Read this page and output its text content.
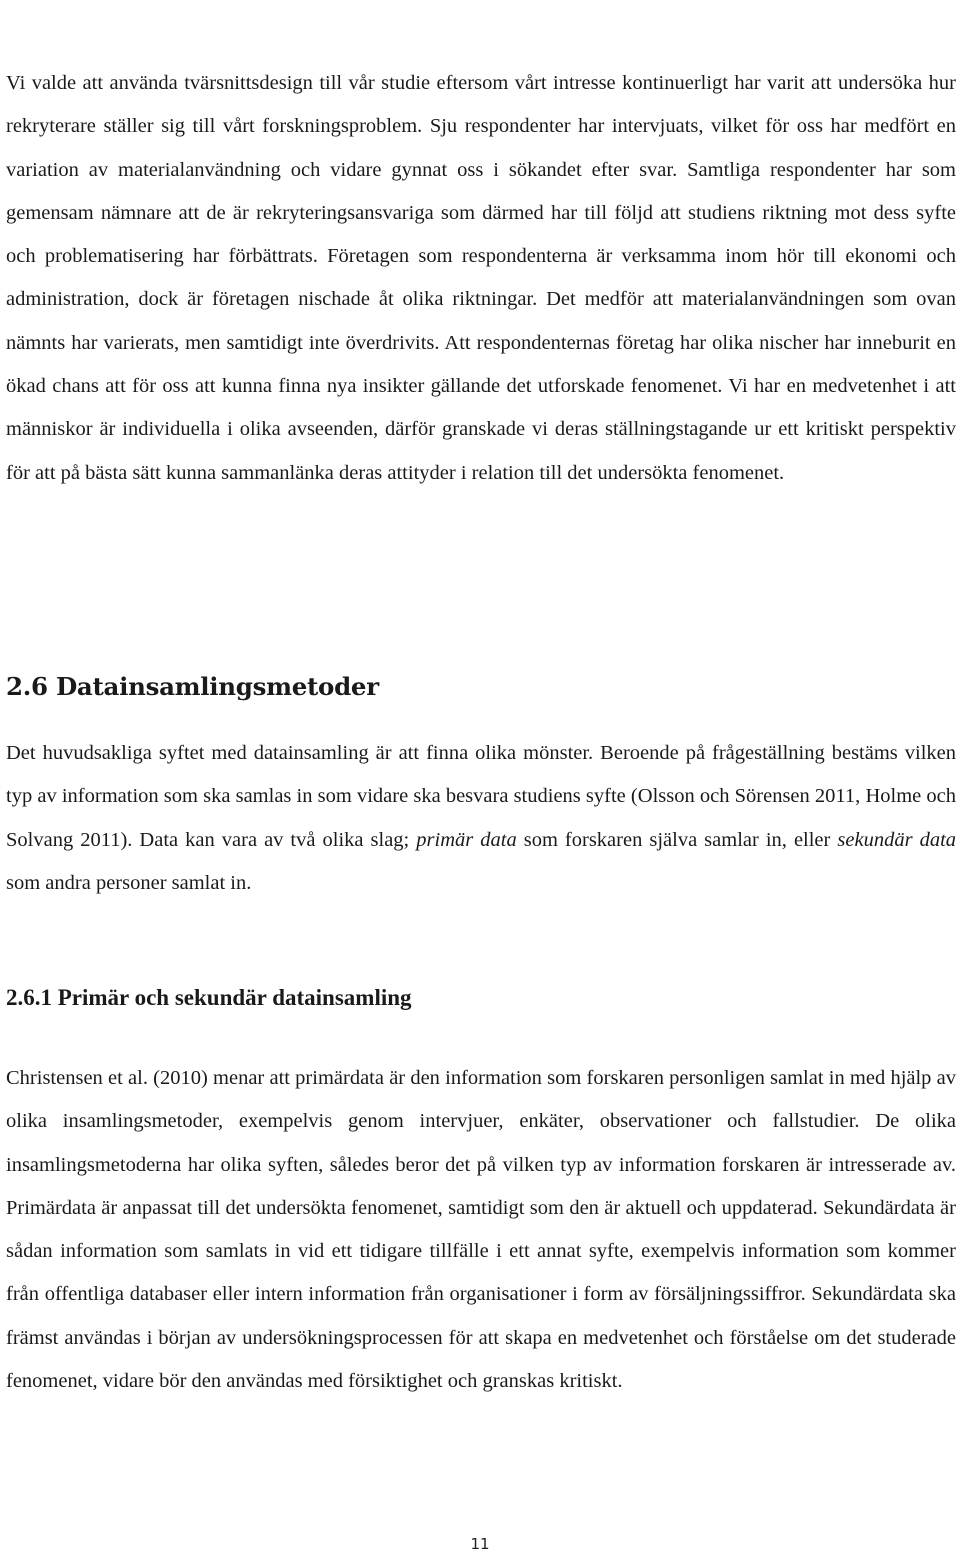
Vi valde att använda tvärsnittsdesign till vår studie eftersom vårt intresse kontinuerligt har varit att undersöka hur rekryterare ställer sig till vårt forskningsproblem. Sju respondenter har intervjuats, vilket för oss har medfört en variation av materialanvändning och vidare gynnat oss i sökandet efter svar. Samtliga respondenter har som gemensam nämnare att de är rekryteringsansvariga som därmed har till följd att studiens riktning mot dess syfte och problematisering har förbättrats. Företagen som respondenterna är verksamma inom hör till ekonomi och administration, dock är företagen nischade åt olika riktningar. Det medför att materialanvändningen som ovan nämnts har varierats, men samtidigt inte överdrivits. Att respondenternas företag har olika nischer har inneburit en ökad chans att för oss att kunna finna nya insikter gällande det utforskade fenomenet. Vi har en medvetenhet i att människor är individuella i olika avseenden, därför granskade vi deras ställningstagande ur ett kritiskt perspektiv för att på bästa sätt kunna sammanlänka deras attityder i relation till det undersökta fenomenet.

2.6 Datainsamlingsmetoder

Det huvudsakliga syftet med datainsamling är att finna olika mönster. Beroende på frågeställning bestäms vilken typ av information som ska samlas in som vidare ska besvara studiens syfte (Olsson och Sörensen 2011, Holme och Solvang 2011). Data kan vara av två olika slag; primär data som forskaren själva samlar in, eller sekundär data som andra personer samlat in.

2.6.1 Primär och sekundär datainsamling

Christensen et al. (2010) menar att primärdata är den information som forskaren personligen samlat in med hjälp av olika insamlingsmetoder, exempelvis genom intervjuer, enkäter, observationer och fallstudier. De olika insamlingsmetoderna har olika syften, således beror det på vilken typ av information forskaren är intresserade av. Primärdata är anpassat till det undersökta fenomenet, samtidigt som den är aktuell och uppdaterad. Sekundärdata är sådan information som samlats in vid ett tidigare tillfälle i ett annat syfte, exempelvis information som kommer från offentliga databaser eller intern information från organisationer i form av försäljningssiffror. Sekundärdata ska främst användas i början av undersökningsprocessen för att skapa en medvetenhet och förståelse om det studerade fenomenet, vidare bör den användas med försiktighet och granskas kritiskt.

11
